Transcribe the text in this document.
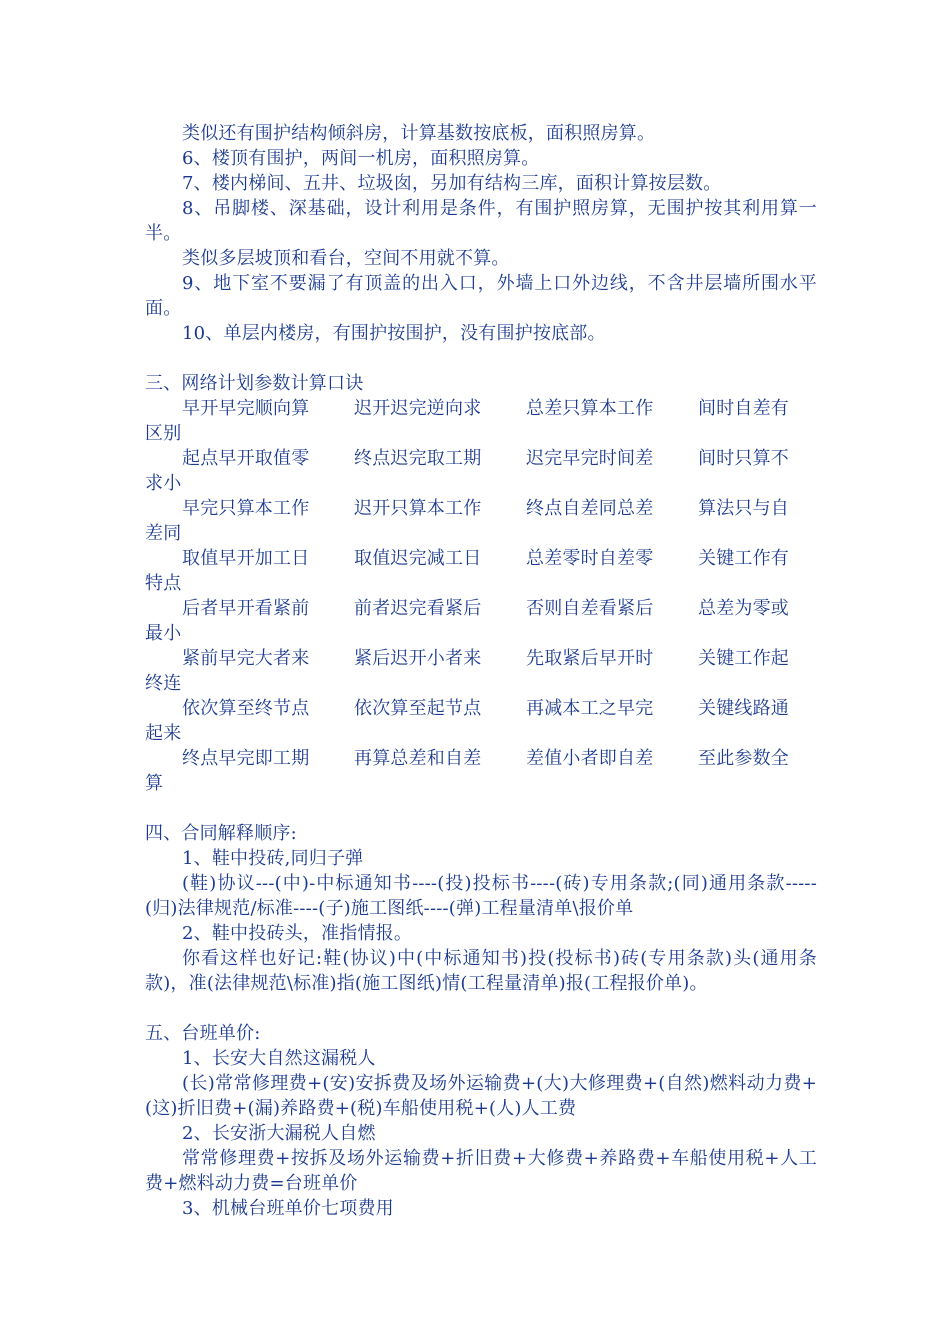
类似还有围护结构倾斜房，计算基数按底板，面积照房算。

6、楼顶有围护，两间一机房，面积照房算。

7、楼内梯间、五井、垃圾囱，另加有结构三库，面积计算按层数。

8、吊脚楼、深基础，设计利用是条件，有围护照房算，无围护按其利用算一半。

类似多层坡顶和看台，空间不用就不算。

9、地下室不要漏了有顶盖的出入口，外墙上口外边线，不含井层墙所围水平面。

10、单层内楼房，有围护按围护，没有围护按底部。

三、网络计划参数计算口诀

早开早完顺向算 迟开迟完逆向求 总差只算本工作 间时自差有

区别

起点早开取值零 终点迟完取工期 迟完早完时间差 间时只算不

求小

早完只算本工作 迟开只算本工作 终点自差同总差 算法只与自

差同

取值早开加工日 取值迟完减工日 总差零时自差零 关键工作有

特点

后者早开看紧前 前者迟完看紧后 否则自差看紧后 总差为零或

最小

紧前早完大者来 紧后迟开小者来 先取紧后早开时 关键工作起

终连

依次算至终节点 依次算至起节点 再减本工之早完 关键线路通

起来

终点早完即工期 再算总差和自差 差值小者即自差 至此参数全

算

四、合同解释顺序:

1、鞋中投砖,同归子弹

(鞋)协议---(中)-中标通知书----(投)投标书----(砖)专用条款;(同)通用条款-----(归)法律规范/标准----(子)施工图纸----(弹)工程量清单\报价单

2、鞋中投砖头，准指情报。

你看这样也好记:鞋(协议)中(中标通知书)投(投标书)砖(专用条款)头(通用条款)，准(法律规范\标准)指(施工图纸)情(工程量清单)报(工程报价单)。

五、台班单价:

1、长安大自然这漏税人

(长)常常修理费+(安)安拆费及场外运输费+(大)大修理费+(自然)燃料动力费+(这)折旧费+(漏)养路费+(税)车船使用税+(人)人工费

2、长安浙大漏税人自燃

常常修理费+按拆及场外运输费+折旧费+大修费+养路费+车船使用税+人工费+燃料动力费=台班单价

3、机械台班单价七项费用
